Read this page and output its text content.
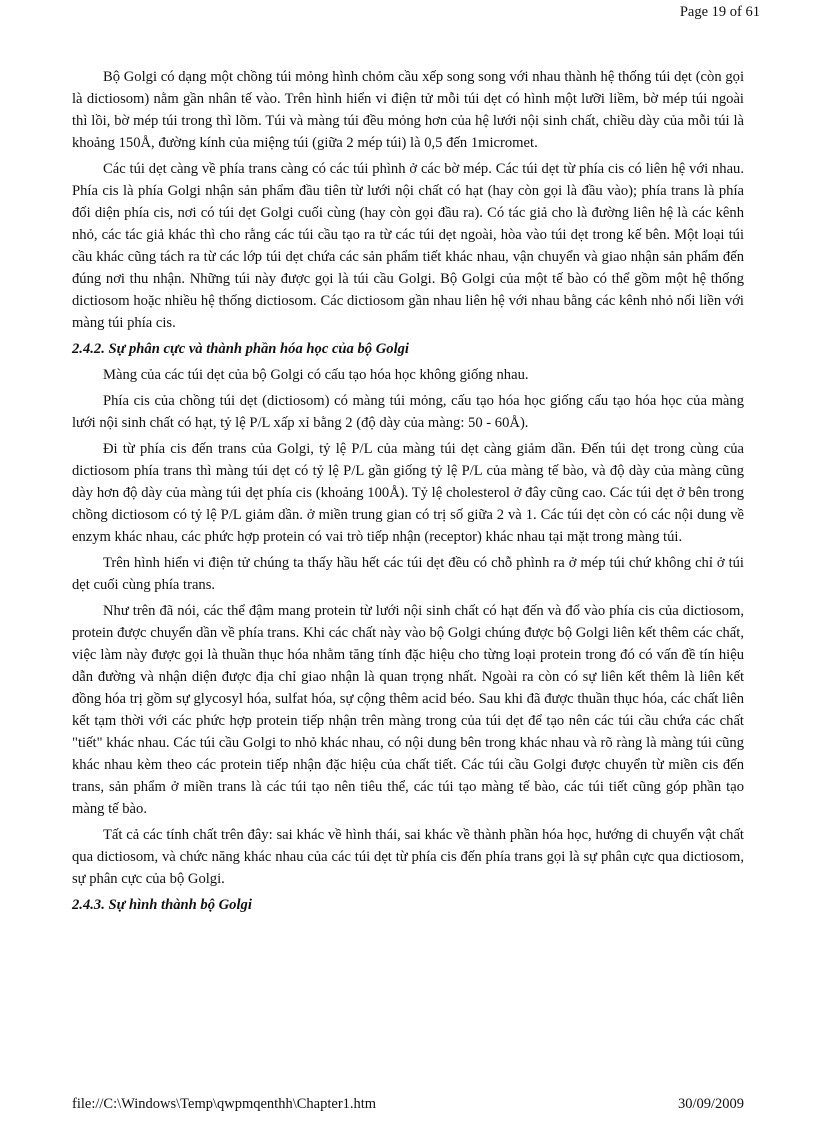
Page 19 of 61

Bộ Golgi có dạng một chồng túi mỏng hình chỏm cầu xếp song song với nhau thành hệ thống túi dẹt (còn gọi là dictiosom) nằm gần nhân tế vào. Trên hình hiển vi điện tử mỗi túi dẹt có hình một lưỡi liềm, bờ mép túi ngoài thì lồi, bờ mép túi trong thì lõm. Túi và màng túi đều mỏng hơn của hệ lưới nội sinh chất, chiều dày của mỗi túi là khoảng 150Å, đường kính của miệng túi (giữa 2 mép túi) là 0,5 đến 1micromet.

Các túi dẹt càng về phía trans càng có các túi phình ở các bờ mép. Các túi dẹt từ phía cis có liên hệ với nhau. Phía cis là phía Golgi nhận sản phẩm đầu tiên từ lưới nội chất có hạt (hay còn gọi là đầu vào); phía trans là phía đối diện phía cis, nơi có túi dẹt Golgi cuối cùng (hay còn gọi đầu ra). Có tác giả cho là đường liên hệ là các kênh nhỏ, các tác giả khác thì cho rằng các túi cầu tạo ra từ các túi dẹt ngoài, hòa vào túi dẹt trong kế bên. Một loại túi cầu khác cũng tách ra từ các lớp túi dẹt chứa các sản phẩm tiết khác nhau, vận chuyển và giao nhận sản phẩm đến đúng nơi thu nhận. Những túi này được gọi là túi cầu Golgi. Bộ Golgi của một tế bào có thể gồm một hệ thống dictiosom hoặc nhiều hệ thống dictiosom. Các dictiosom gần nhau liên hệ với nhau bằng các kênh nhỏ nối liền với màng túi phía cis.

2.4.2. Sự phân cực và thành phần hóa học của bộ Golgi

Màng của các túi dẹt của bộ Golgi có cấu tạo hóa học không giống nhau.

Phía cis của chồng túi dẹt (dictiosom) có màng túi mỏng, cấu tạo hóa học giống cấu tạo hóa học của màng lưới nội sinh chất có hạt, tỷ lệ P/L xấp xỉ bằng 2 (độ dày của màng: 50 - 60Å).

Đi từ phía cis đến trans của Golgi, tỷ lệ P/L của màng túi dẹt càng giảm dần. Đến túi dẹt trong cùng của dictiosom phía trans thì màng túi dẹt có tỷ lệ P/L gần giống tỷ lệ P/L của màng tế bào, và độ dày của màng cũng dày hơn độ dày của màng túi dẹt phía cis (khoảng 100Å). Tỷ lệ cholesterol ở đây cũng cao. Các túi dẹt ở bên trong chồng dictiosom có tỷ lệ P/L giảm dần. ở miền trung gian có trị số giữa 2 và 1. Các túi dẹt còn có các nội dung về enzym khác nhau, các phức hợp protein có vai trò tiếp nhận (receptor) khác nhau tại mặt trong màng túi.

Trên hình hiển vi điện tử chúng ta thấy hầu hết các túi dẹt đều có chỗ phình ra ở mép túi chứ không chỉ ở túi dẹt cuối cùng phía trans.

Như trên đã nói, các thể đậm mang protein từ lưới nội sinh chất có hạt đến và đổ vào phía cis của dictiosom, protein được chuyển dần về phía trans. Khi các chất này vào bộ Golgi chúng được bộ Golgi liên kết thêm các chất, việc làm này được gọi là thuần thục hóa nhằm tăng tính đặc hiệu cho từng loại protein trong đó có vấn đề tín hiệu dẫn đường và nhận diện được địa chỉ giao nhận là quan trọng nhất. Ngoài ra còn có sự liên kết thêm là liên kết đồng hóa trị gồm sự glycosyl hóa, sulfat hóa, sự cộng thêm acid béo. Sau khi đã được thuần thục hóa, các chất liên kết tạm thời với các phức hợp protein tiếp nhận trên màng trong của túi dẹt để tạo nên các túi cầu chứa các chất "tiết" khác nhau. Các túi cầu Golgi to nhỏ khác nhau, có nội dung bên trong khác nhau và rõ ràng là màng túi cũng khác nhau kèm theo các protein tiếp nhận đặc hiệu của chất tiết. Các túi cầu Golgi được chuyển từ miền cis đến trans, sản phẩm ở miền trans là các túi tạo nên tiêu thể, các túi tạo màng tế bào, các túi tiết cũng góp phần tạo màng tế bào.

Tất cả các tính chất trên đây: sai khác về hình thái, sai khác về thành phần hóa học, hướng di chuyển vật chất qua dictiosom, và chức năng khác nhau của các túi dẹt từ phía cis đến phía trans gọi là sự phân cực qua dictiosom, sự phân cực của bộ Golgi.

2.4.3. Sự hình thành bộ Golgi
file://C:\Windows\Temp\qwpmqenthh\Chapter1.htm	30/09/2009
